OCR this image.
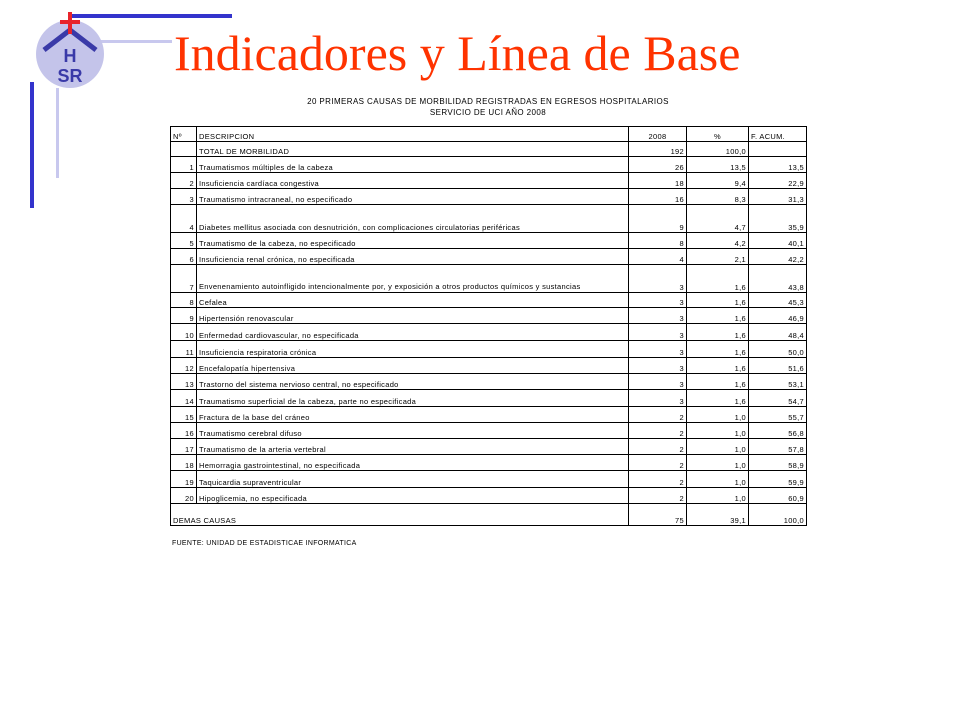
H
SR Indicadores y Línea de Base
20 PRIMERAS CAUSAS DE MORBILIDAD REGISTRADAS EN EGRESOS HOSPITALARIOS
SERVICIO DE UCI AÑO 2008
Nº	DESCRIPCION	2008	%	F. ACUM.
	TOTAL DE MORBILIDAD	192	100,0	
1	Traumatismos múltiples de la cabeza	26	13,5	13,5
2	Insuficiencia cardíaca congestiva	18	9,4	22,9
3	Traumatismo intracraneal, no especificado	16	8,3	31,3
4	Diabetes mellitus asociada con desnutrición, con complicaciones circulatorias periféricas	9	4,7	35,9
5	Traumatismo de la cabeza, no especificado	8	4,2	40,1
6	Insuficiencia renal crónica, no especificada	4	2,1	42,2
7	Envenenamiento autoinfligido intencionalmente por, y exposición a otros productos químicos y sustancias	3	1,6	43,8
8	Cefalea	3	1,6	45,3
9	Hipertensión renovascular	3	1,6	46,9
10	Enfermedad cardiovascular, no especificada	3	1,6	48,4
11	Insuficiencia respiratoria crónica	3	1,6	50,0
12	Encefalopatía hipertensiva	3	1,6	51,6
13	Trastorno del sistema nervioso central, no especificado	3	1,6	53,1
14	Traumatismo superficial de la cabeza, parte no especificada	3	1,6	54,7
15	Fractura de la base del cráneo	2	1,0	55,7
16	Traumatismo cerebral difuso	2	1,0	56,8
17	Traumatismo de la arteria vertebral	2	1,0	57,8
18	Hemorragia gastrointestinal, no especificada	2	1,0	58,9
19	Taquicardia supraventricular	2	1,0	59,9
20	Hipoglicemia, no especificada	2	1,0	60,9
DEMAS CAUSAS		75	39,1	100,0
FUENTE: UNIDAD DE ESTADISTICAE INFORMATICA
